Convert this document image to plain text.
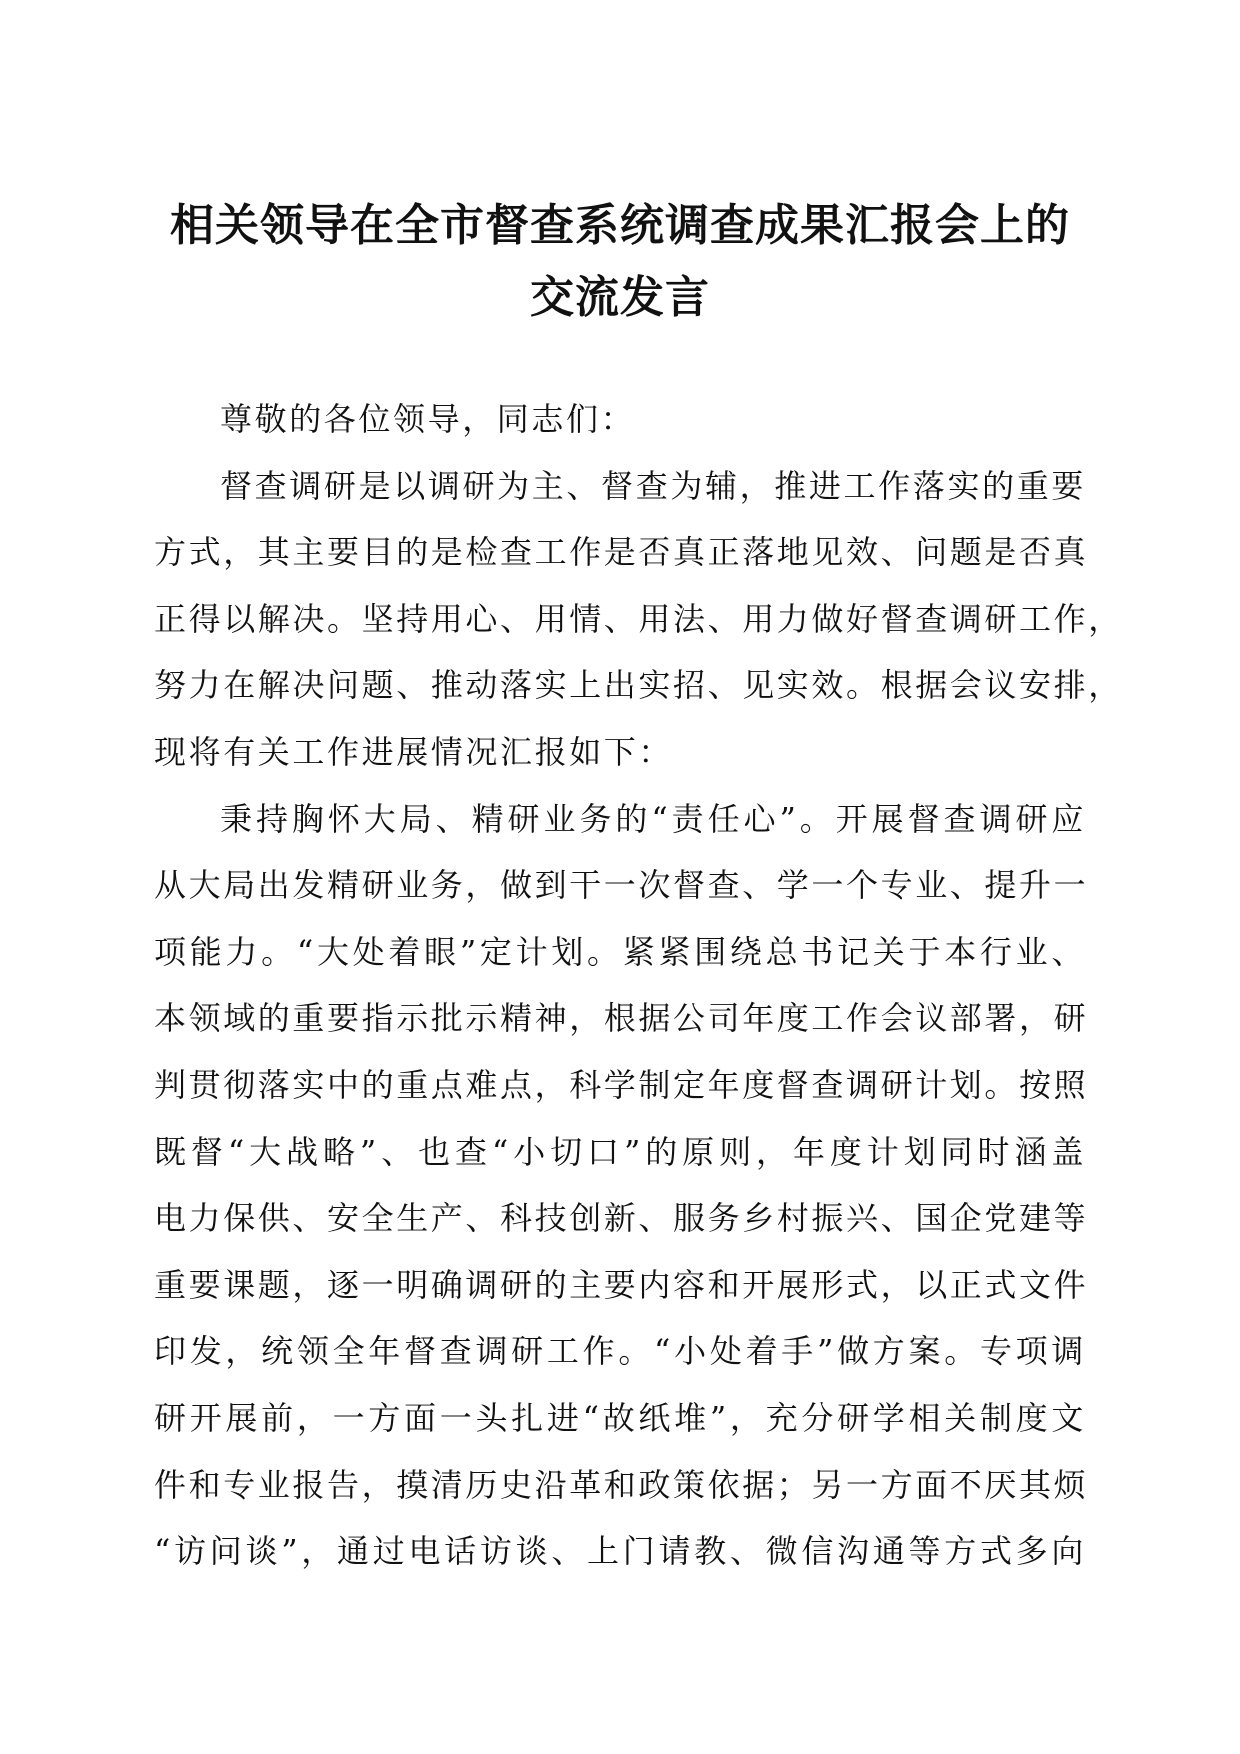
相关领导在全市督查系统调查成果汇报会上的
交流发言

尊敬的各位领导，同志们：

督查调研是以调研为主、督查为辅，推进工作落实的重要
方式，其主要目的是检查工作是否真正落地见效、问题是否真
正得以解决。坚持用心、用情、用法、用力做好督查调研工作，
努力在解决问题、推动落实上出实招、见实效。根据会议安排，
现将有关工作进展情况汇报如下：

秉持胸怀大局、精研业务的“责任心”。开展督查调研应
从大局出发精研业务，做到干一次督查、学一个专业、提升一
项能力。“大处着眼”定计划。紧紧围绕总书记关于本行业、
本领域的重要指示批示精神，根据公司年度工作会议部署，研
判贯彻落实中的重点难点，科学制定年度督查调研计划。按照
既督“大战略”、也查“小切口”的原则，年度计划同时涵盖
电力保供、安全生产、科技创新、服务乡村振兴、国企党建等
重要课题，逐一明确调研的主要内容和开展形式，以正式文件
印发，统领全年督查调研工作。“小处着手”做方案。专项调
研开展前，一方面一头扎进“故纸堆”，充分研学相关制度文
件和专业报告，摸清历史沿革和政策依据；另一方面不厌其烦
“访问谈”，通过电话访谈、上门请教、微信沟通等方式多向
